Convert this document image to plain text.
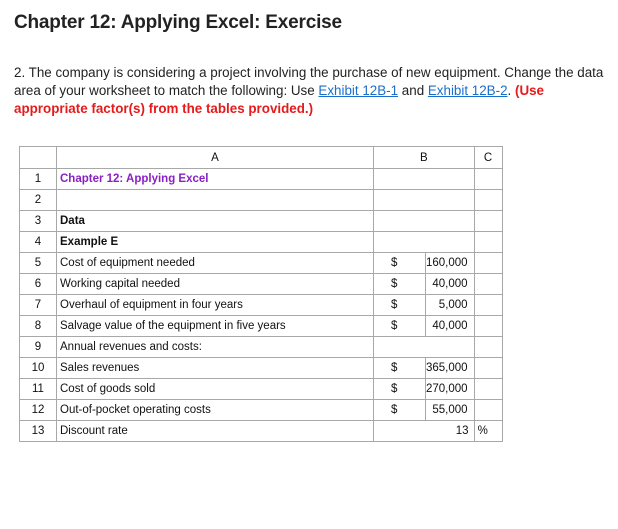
Chapter 12: Applying Excel: Exercise
2. The company is considering a project involving the purchase of new equipment. Change the data area of your worksheet to match the following: Use Exhibit 12B-1 and Exhibit 12B-2. (Use appropriate factor(s) from the tables provided.)
	A	B	C
1	Chapter 12: Applying Excel		
2			
3	Data		
4	Example E		
5	Cost of equipment needed	$ 160,000	

6	Working capital needed	$ 40,000	

7	Overhaul of equipment in four years	$ 5,000	

8	Salvage value of the equipment in five years	$ 40,000	

9	Annual revenues and costs:		
10	Sales revenues	$ 365,000	

11	Cost of goods sold	$ 270,000	

12	Out-of-pocket operating costs	$ 55,000	

13	Discount rate	13	%
